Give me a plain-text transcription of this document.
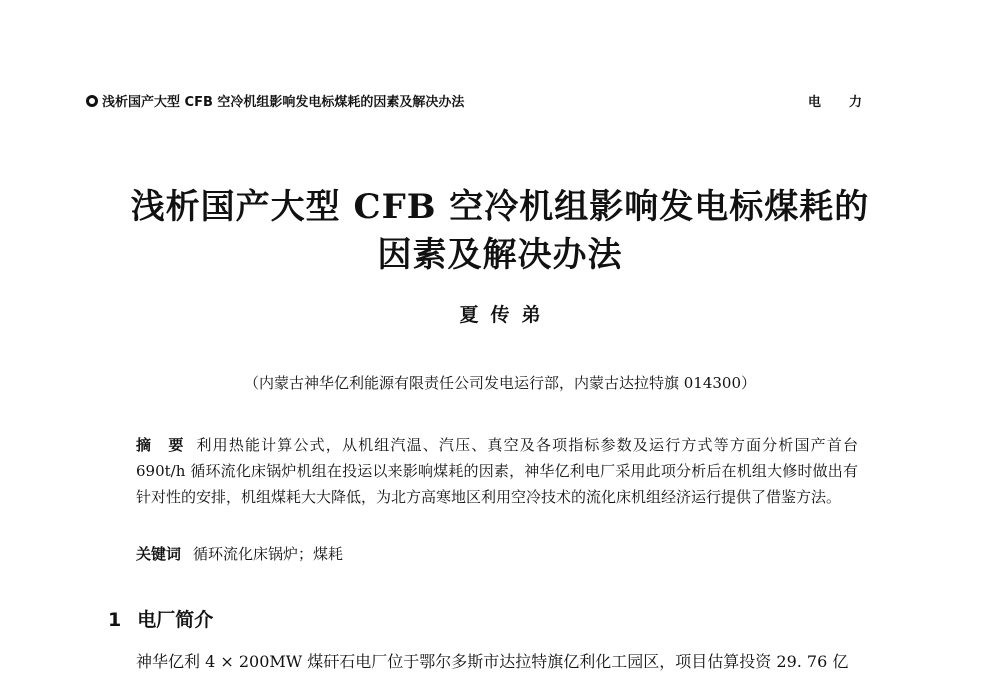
浅析国产大型 CFB 空冷机组影响发电标煤耗的因素及解决办法	电力
浅析国产大型 CFB 空冷机组影响发电标煤耗的
因素及解决办法
夏传弟
（内蒙古神华亿利能源有限责任公司发电运行部，内蒙古达拉特旗 014300）
摘　要 利用热能计算公式，从机组汽温、汽压、真空及各项指标参数及运行方式等方面分析国产首台 690t/h 循环流化床锅炉机组在投运以来影响煤耗的因素，神华亿利电厂采用此项分析后在机组大修时做出有针对性的安排，机组煤耗大大降低，为北方高寒地区利用空冷技术的流化床机组经济运行提供了借鉴方法。
关键词 循环流化床锅炉；煤耗
1 电厂简介
神华亿利 4 × 200MW 煤矸石电厂位于鄂尔多斯市达拉特旗亿利化工园区，项目估算投资 29. 76 亿
